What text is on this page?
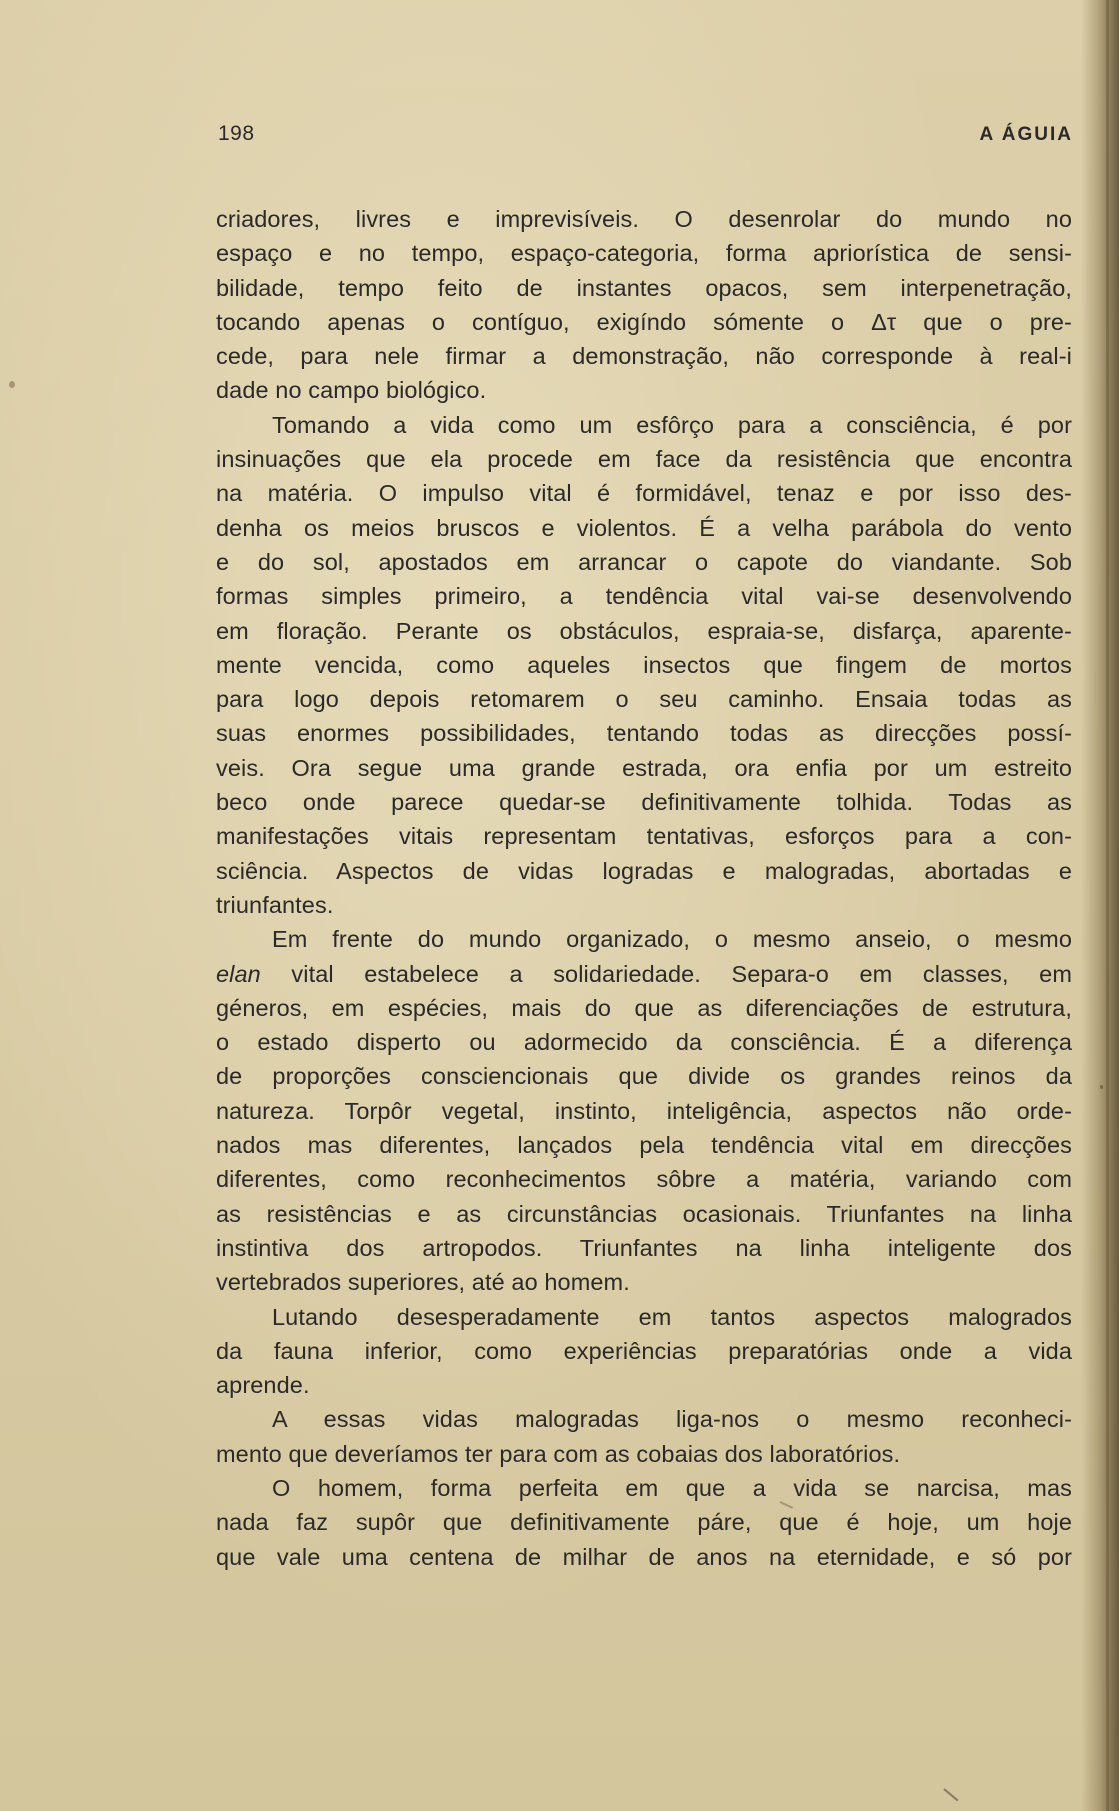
198	A ÁGUIA
criadores, livres e imprevisíveis. O desenrolar do mundo no
espaço e no tempo, espaço-categoria, forma apriorística de sensi-
bilidade, tempo feito de instantes opacos, sem interpenetração,
tocando apenas o contíguo, exigíndo sómente o Δτ que o pre-
cede, para nele firmar a demonstração, não corresponde à real-i
dade no campo biológico.
Tomando a vida como um esfôrço para a consciência, é por
insinuações que ela procede em face da resistência que encontra
na matéria. O impulso vital é formidável, tenaz e por isso des-
denha os meios bruscos e violentos. É a velha parábola do vento
e do sol, apostados em arrancar o capote do viandante. Sob
formas simples primeiro, a tendência vital vai-se desenvolvendo
em floração. Perante os obstáculos, espraia-se, disfarça, aparente-
mente vencida, como aqueles insectos que fingem de mortos
para logo depois retomarem o seu caminho. Ensaia todas as
suas enormes possibilidades, tentando todas as direcções possí-
veis. Ora segue uma grande estrada, ora enfia por um estreito
beco onde parece quedar-se definitivamente tolhida. Todas as
manifestações vitais representam tentativas, esforços para a con-
sciência. Aspectos de vidas logradas e malogradas, abortadas e
triunfantes.
Em frente do mundo organizado, o mesmo anseio, o mesmo
elan vital estabelece a solidariedade. Separa-o em classes, em
géneros, em espécies, mais do que as diferenciações de estrutura,
o estado disperto ou adormecido da consciência. É a diferença
de proporções consciencionais que divide os grandes reinos da
natureza. Torpôr vegetal, instinto, inteligência, aspectos não orde-
nados mas diferentes, lançados pela tendência vital em direcções
diferentes, como reconhecimentos sôbre a matéria, variando com
as resistências e as circunstâncias ocasionais. Triunfantes na linha
instintiva dos artropodos. Triunfantes na linha inteligente dos
vertebrados superiores, até ao homem.
Lutando desesperadamente em tantos aspectos malogrados
da fauna inferior, como experiências preparatórias onde a vida
aprende.
A essas vidas malogradas liga-nos o mesmo reconheci-
mento que deveríamos ter para com as cobaias dos laboratórios.
O homem, forma perfeita em que a vida se narcisa, mas
nada faz supôr que definitivamente páre, que é hoje, um hoje
que vale uma centena de milhar de anos na eternidade, e só por
